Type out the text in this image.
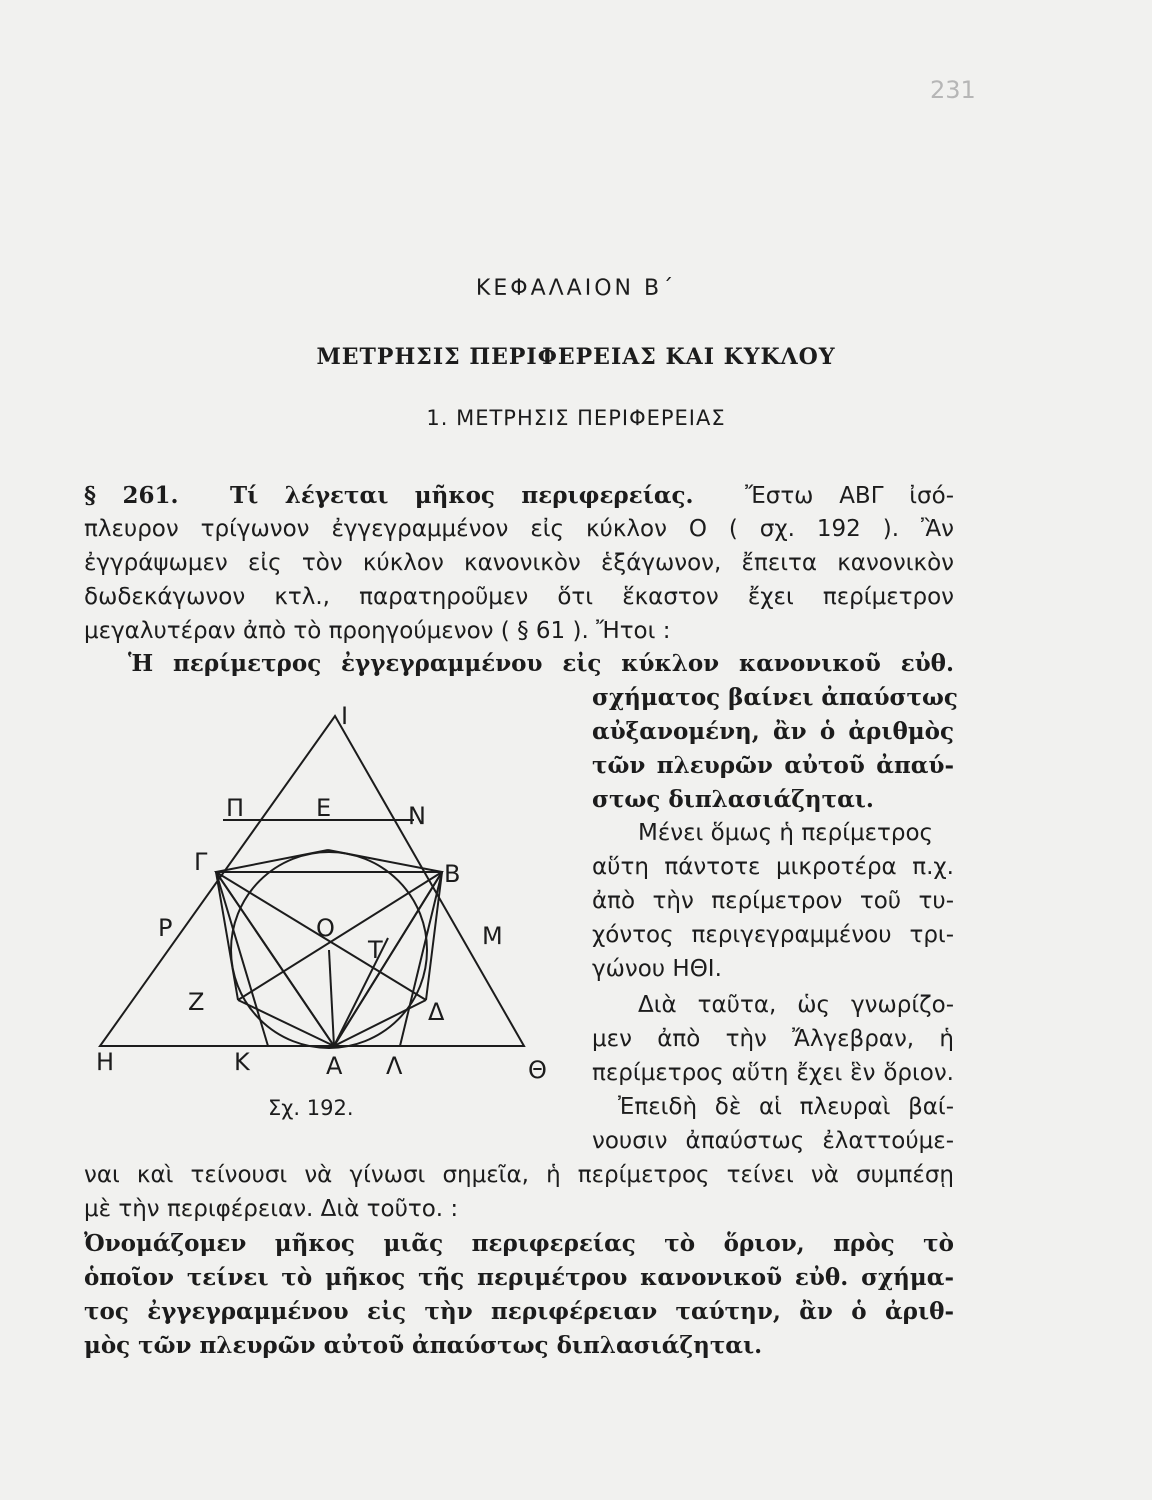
231
ΚΕΦΑΛΑΙΟΝ Β΄
ΜΕΤΡΗΣΙΣ ΠΕΡΙΦΕΡΕΙΑΣ ΚΑΙ ΚΥΚΛΟΥ
1. ΜΕΤΡΗΣΙΣ ΠΕΡΙΦΕΡΕΙΑΣ
§ 261. Τί λέγεται μῆκος περιφερείας. Ἔστω ΑΒΓ ἰσό-
πλευρον τρίγωνον ἐγγεγραμμένον εἰς κύκλον Ο ( σχ. 192 ). Ἂν
ἐγγράψωμεν εἰς τὸν κύκλον κανονικὸν ἑξάγωνον, ἔπειτα κανονικὸν
δωδεκάγωνον κτλ., παρατηροῦμεν ὅτι ἕκαστον ἔχει περίμετρον
μεγαλυτέραν ἀπὸ τὸ προηγούμενον ( § 61 ). Ἤτοι :
Ἡ περίμετρος ἐγγεγραμμένου εἰς κύκλον κανονικοῦ εὐθ.
σχήματος βαίνει ἀπαύστως
αὐξανομένη, ἂν ὁ ἀριθμὸς
τῶν πλευρῶν αὐτοῦ ἀπαύ-
στως διπλασιάζηται.
Μένει ὅμως ἡ περίμετρος
αὕτη πάντοτε μικροτέρα π.χ.
ἀπὸ τὴν περίμετρον τοῦ τυ-
χόντος περιγεγραμμένου τρι-
γώνου ΗΘΙ.
Διὰ ταῦτα, ὡς γνωρίζο-
μεν ἀπὸ τὴν Ἄλγεβραν, ἡ
περίμετρος αὕτη ἔχει ἓν ὅριον.
Ἐπειδὴ δὲ αἱ πλευραὶ βαί-
νουσιν ἀπαύστως ἐλαττούμε-
ναι καὶ τείνουσι νὰ γίνωσι σημεῖα, ἡ περίμετρος τείνει νὰ συμπέσῃ
μὲ τὴν περιφέρειαν. Διὰ τοῦτο. :
Ὀνομάζομεν μῆκος μιᾶς περιφερείας τὸ ὅριον, πρὸς τὸ
ὁποῖον τείνει τὸ μῆκος τῆς περιμέτρου κανονικοῦ εὐθ. σχήμα-
τος ἐγγεγραμμένου εἰς τὴν περιφέρειαν ταύτην, ἂν ὁ ἀριθ-
μὸς τῶν πλευρῶν αὐτοῦ ἀπαύστως διπλασιάζηται.
Ι
Π	Ε	Ν
Γ	Β
Ο
Ρ	Μ
Τ
Ζ	Δ
Η	Κ	Α Λ	Θ
Σχ. 192.
